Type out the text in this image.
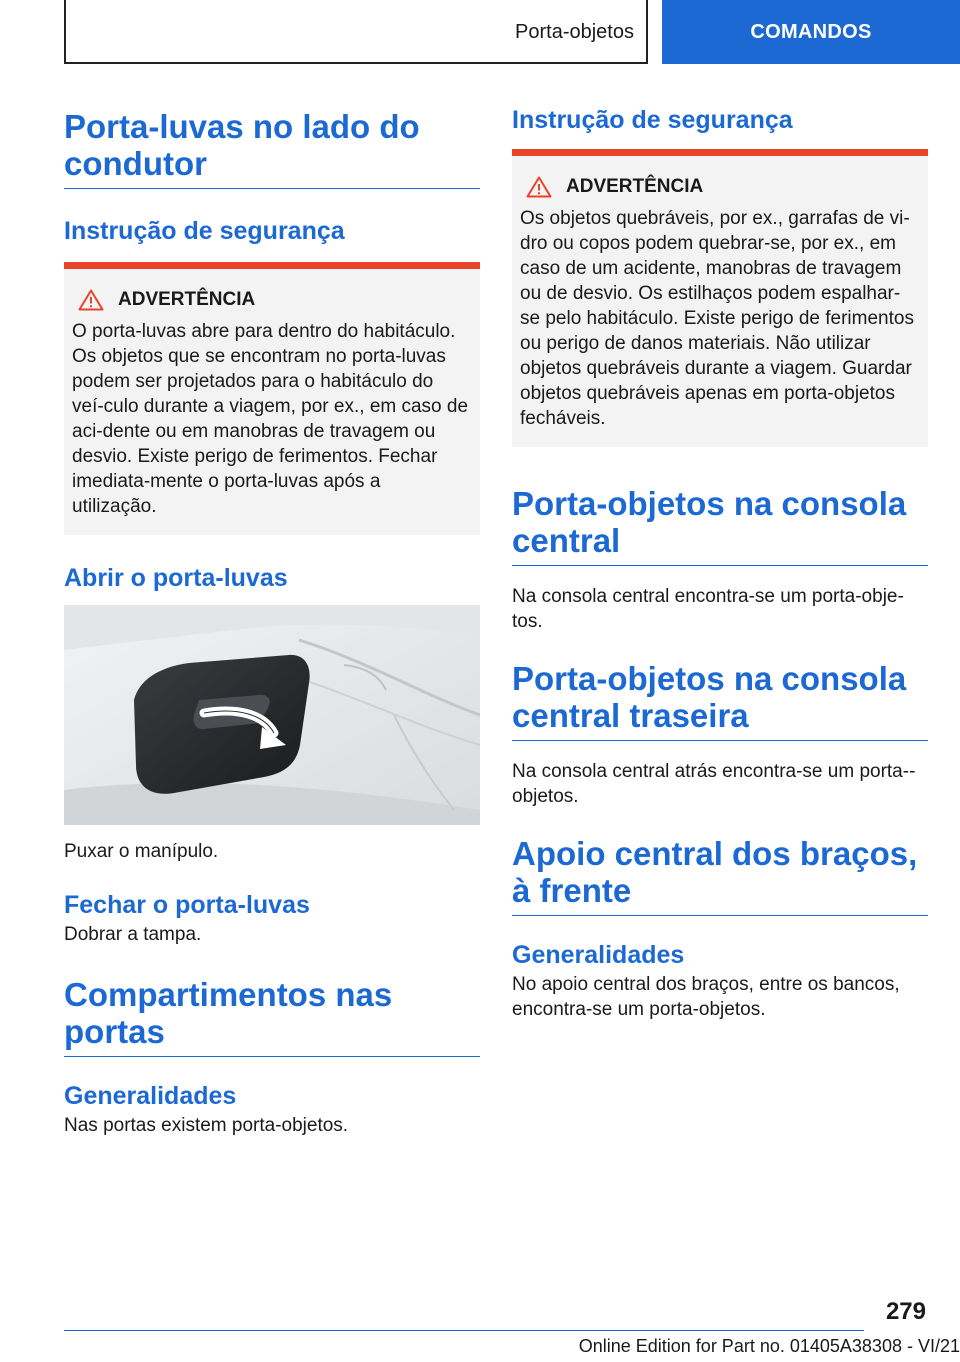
Porta-objetos	COMANDOS
Porta-luvas no lado do condutor
Instrução de segurança
ADVERTÊNCIA

O porta-luvas abre para dentro do habitáculo. Os objetos que se encontram no porta-luvas podem ser projetados para o habitáculo do veí-culo durante a viagem, por ex., em caso de aci-dente ou em manobras de travagem ou desvio. Existe perigo de ferimentos. Fechar imediata-mente o porta-luvas após a utilização.

Abrir o porta-luvas

Puxar o manípulo.

Fechar o porta-luvas

Dobrar a tampa.

Compartimentos nas portas
Generalidades

Nas portas existem porta-objetos.

Instrução de segurança
ADVERTÊNCIA

Os objetos quebráveis, por ex., garrafas de vi-dro ou copos podem quebrar-se, por ex., em caso de um acidente, manobras de travagem ou de desvio. Os estilhaços podem espalhar-se pelo habitáculo. Existe perigo de ferimentos ou perigo de danos materiais. Não utilizar objetos quebráveis durante a viagem. Guardar objetos quebráveis apenas em porta-objetos fecháveis.

Porta-objetos na consola central

Na consola central encontra-se um porta-obje-tos.

Porta-objetos na consola central traseira

Na consola central atrás encontra-se um porta--objetos.

Apoio central dos braços, à frente
Generalidades

No apoio central dos braços, entre os bancos, encontra-se um porta-objetos.

279
Online Edition for Part no. 01405A38308 - VI/21
